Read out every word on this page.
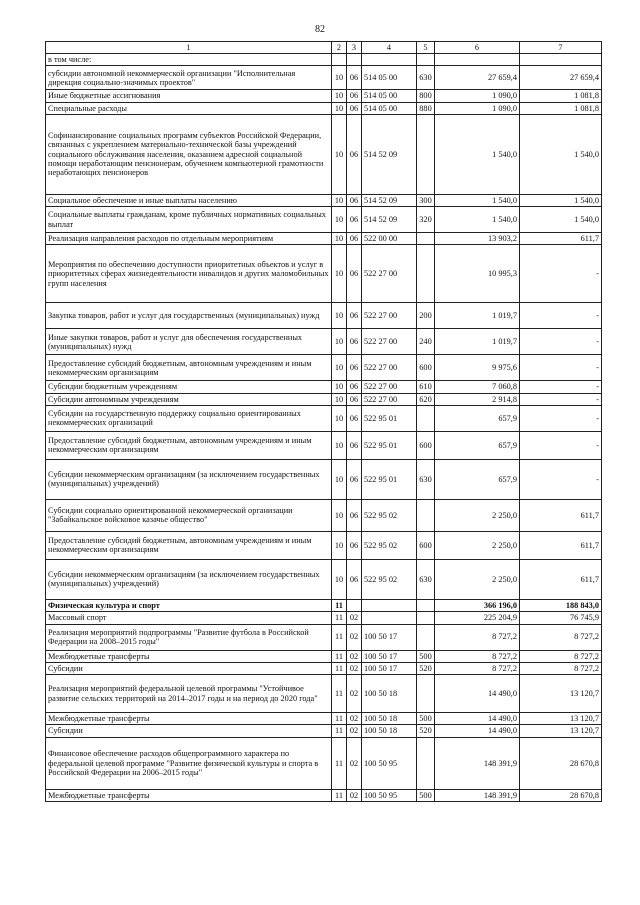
82
1	2	3	4	5	6	7
в том числе:						
субсидии автономной некоммерческой организации "Исполнительная дирекция социально-значимых проектов"	10	06	514 05 00	630	27 659,4	27 659,4
Иные бюджетные ассигнования	10	06	514 05 00	800	1 090,0	1 081,8
Специальные расходы	10	06	514 05 00	880	1 090,0	1 081,8
Софинансирование социальных программ субъектов Российской Федерации, связанных с укреплением материально-технической базы учреждений социального обслуживания населения, оказанием адресной социальной помощи неработающим пенсионерам, обучением компьютерной грамотности неработающих пенсионеров	10	06	514 52 09		1 540,0	1 540,0
Социальное обеспечение и иные выплаты населению	10	06	514 52 09	300	1 540,0	1 540,0
Социальные выплаты гражданам, кроме публичных нормативных социальных выплат	10	06	514 52 09	320	1 540,0	1 540,0
Реализация направления расходов по отдельным мероприятиям	10	06	522 00 00		13 903,2	611,7
Мероприятия по обеспечению доступности приоритетных объектов и услуг в приоритетных сферах жизнедеятельности инвалидов и других маломобильных групп населения	10	06	522 27 00		10 995,3	-
Закупка товаров, работ и услуг для государственных (муниципальных) нужд	10	06	522 27 00	200	1 019,7	-
Иные закупки товаров, работ и услуг для обеспечения государственных (муниципальных) нужд	10	06	522 27 00	240	1 019,7	-
Предоставление субсидий бюджетным, автономным учреждениям и иным некоммерческим организациям	10	06	522 27 00	600	9 975,6	-
Субсидии бюджетным учреждениям	10	06	522 27 00	610	7 060,8	-
Субсидии автономным учреждениям	10	06	522 27 00	620	2 914,8	-
Субсидии на государственную поддержку социально ориентированных некоммерческих организаций	10	06	522 95 01		657,9	-
Предоставление субсидий бюджетным, автономным учреждениям и иным некоммерческим организациям	10	06	522 95 01	600	657,9	-
Субсидии некоммерческим организациям (за исключением государственных (муниципальных) учреждений)	10	06	522 95 01	630	657,9	-
Субсидии социально ориентированной некоммерческой организации "Забайкальское войсковое казачье общество"	10	06	522 95 02		2 250,0	611,7
Предоставление субсидий бюджетным, автономным учреждениям и иным некоммерческим организациям	10	06	522 95 02	600	2 250,0	611,7
Субсидии некоммерческим организациям (за исключением государственных (муниципальных) учреждений)	10	06	522 95 02	630	2 250,0	611,7
Физическая культура и спорт	11				366 196,0	188 843,0
Массовый спорт	11	02			225 204,9	76 745,9
Реализация мероприятий подпрограммы "Развитие футбола в Российской Федерации на 2008–2015 годы"	11	02	100 50 17		8 727,2	8 727,2
Межбюджетные трансферты	11	02	100 50 17	500	8 727,2	8 727,2
Субсидии	11	02	100 50 17	520	8 727,2	8 727,2
Реализация мероприятий федеральной целевой программы "Устойчивое развитие сельских территорий на 2014–2017 годы и на период до 2020 года"	11	02	100 50 18		14 490,0	13 120,7
Межбюджетные трансферты	11	02	100 50 18	500	14 490,0	13 120,7
Субсидии	11	02	100 50 18	520	14 490,0	13 120,7
Финансовое обеспечение расходов общепрограммного характера по федеральной целевой программе "Развитие физической культуры и спорта в Российской Федерации на 2006–2015 годы"	11	02	100 50 95		148 391,9	28 670,8
Межбюджетные трансферты	11	02	100 50 95	500	148 391,9	28 670,8
